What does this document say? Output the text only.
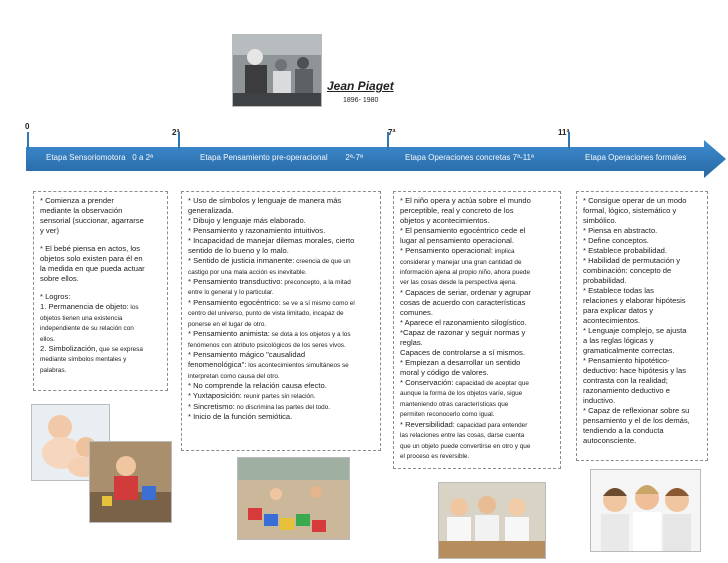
Jean Piaget
1896- 1980
0
2ª	7ª	11ª
Etapa Sensoriomotora 0 a 2ª	Etapa Pensamiento pre-operacional 2ª-7ª	Etapa Operaciones concretas 7ª-11ª	Etapa Operaciones formales

* Comienza a prender

mediante la observación

sensorial (succionar, agarrarse

y ver)

* El bebé piensa en actos, los

objetos solo existen para él en

la medida en que pueda actuar

sobre ellos.

* Logros:

1. Permanencia de objeto: los

objetos tienen una existencia

independiente de su relación con

ellos.

2. Simbolización, que se expresa

mediante símbolos mentales y

palabras.

* Uso de símbolos y lenguaje de manera más

generalizada.

* Dibujo y lenguaje más elaborado.

* Pensamiento y razonamiento intuitivos.

* Incapacidad de manejar dilemas morales, cierto

sentido de lo bueno y lo malo.

* Sentido de justicia inmanente: creencia de que un

castigo por una mala acción es inevitable.

* Pensamiento transductivo: preconcepto, a la mitad

entre lo general y lo particular.

* Pensamiento egocéntrico: se ve a sí mismo como el

centro del universo, punto de vista limitado, incapaz de

ponerse en el lugar de otro.

* Pensamiento animista: se dota a los objetos y a los

fenómenos con atributo psicológicos de los seres vivos.

* Pensamiento mágico "causalidad

fenomenológica": los acontecimientos simultáneos se

interpretan como causa del otro.

* No comprende la relación causa efecto.

* Yuxtaposición: reunir partes sin relación.

* Sincretismo: no discrimina las partes del todo.

* Inicio de la función semiótica.

* El niño opera y actúa sobre el mundo

perceptible, real y concreto de los

objetos y acontecimientos.

* El pensamiento egocéntrico cede el

lugar al pensamiento operacional.

* Pensamiento operacional: implica

considerar y manejar una gran cantidad de

información ajena al propio niño, ahora puede

ver las cosas desde la perspectiva ajena.

* Capaces de seriar, ordenar y agrupar

cosas de acuerdo con características

comunes.

* Aparece el razonamiento silogístico.

*Capaz de razonar y seguir normas y

reglas.

Capaces de controlarse a sí mismos.

* Empiezan a desarrollar un sentido

moral y código de valores.

* Conservación: capacidad de aceptar que

aunque la forma de los objetos varíe, sigue

manteniendo otras características que

permiten reconocerlo como igual.

* Reversibilidad: capacidad para entender

las relaciones entre las cosas, darse cuenta

que un objeto puede convertirse en otro y que

el proceso es reversible.

* Consigue operar de un modo

formal, lógico, sistemático y

simbólico.

* Piensa en abstracto.

* Define conceptos.

* Establece probabilidad.

* Habilidad de permutación y

combinación: concepto de

probabilidad.

* Establece todas las

relaciones y elaborar hipótesis

para explicar datos y

acontecimientos.

* Lenguaje complejo, se ajusta

a las reglas lógicas y

gramaticalmente correctas.

* Pensamiento hipotético-

deductivo: hace hipótesis y las

contrasta con la realidad;

razonamiento deductivo e

inductivo.

* Capaz de reflexionar sobre su

pensamiento y el de los demás,

tendiendo a la conducta

autoconsciente.
